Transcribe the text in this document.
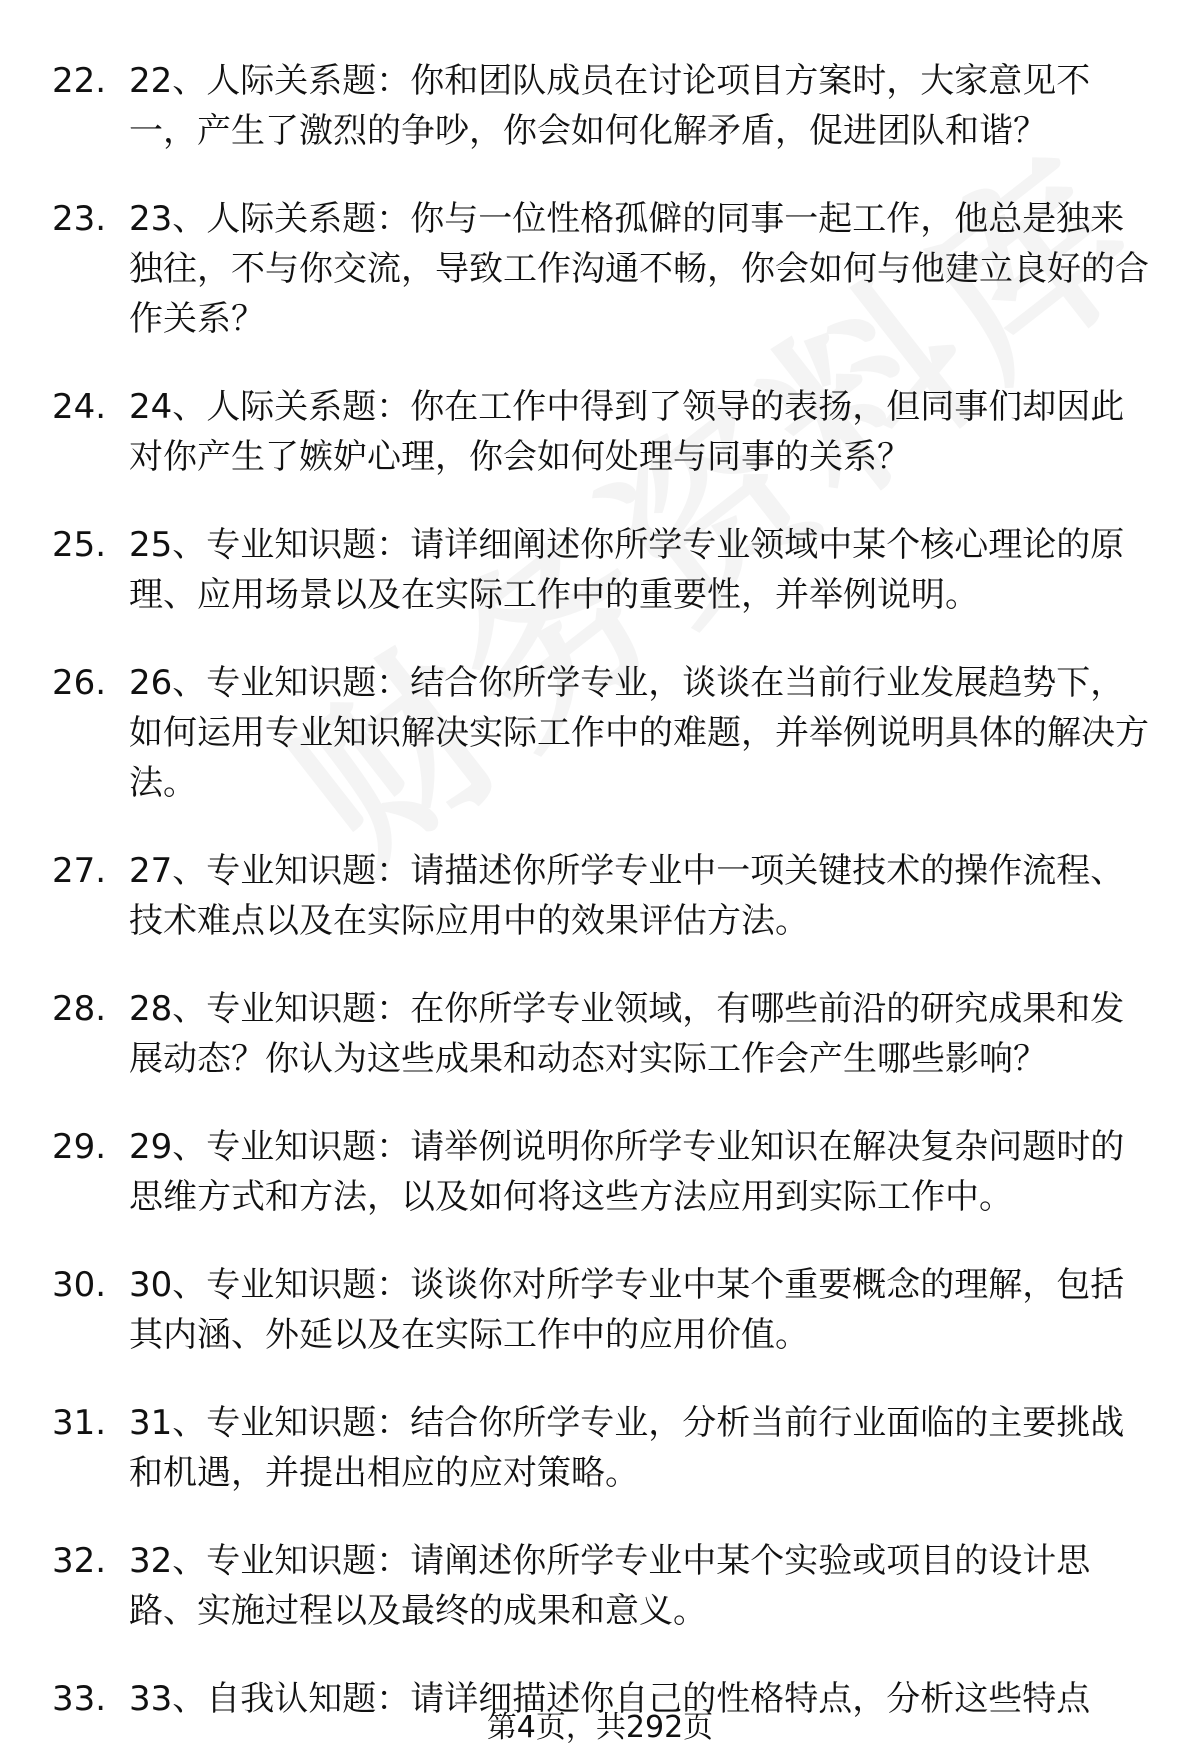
22. 22、人际关系题：你和团队成员在讨论项目方案时，大家意见不一，产生了激烈的争吵，你会如何化解矛盾，促进团队和谐？
23. 23、人际关系题：你与一位性格孤僻的同事一起工作，他总是独来独往，不与你交流，导致工作沟通不畅，你会如何与他建立良好的合作关系？
24. 24、人际关系题：你在工作中得到了领导的表扬，但同事们却因此对你产生了嫉妒心理，你会如何处理与同事的关系？
25. 25、专业知识题：请详细阐述你所学专业领域中某个核心理论的原理、应用场景以及在实际工作中的重要性，并举例说明。
26. 26、专业知识题：结合你所学专业，谈谈在当前行业发展趋势下，如何运用专业知识解决实际工作中的难题，并举例说明具体的解决方法。
27. 27、专业知识题：请描述你所学专业中一项关键技术的操作流程、技术难点以及在实际应用中的效果评估方法。
28. 28、专业知识题：在你所学专业领域，有哪些前沿的研究成果和发展动态？你认为这些成果和动态对实际工作会产生哪些影响？
29. 29、专业知识题：请举例说明你所学专业知识在解决复杂问题时的思维方式和方法，以及如何将这些方法应用到实际工作中。
30. 30、专业知识题：谈谈你对所学专业中某个重要概念的理解，包括其内涵、外延以及在实际工作中的应用价值。
31. 31、专业知识题：结合你所学专业，分析当前行业面临的主要挑战和机遇，并提出相应的应对策略。
32. 32、专业知识题：请阐述你所学专业中某个实验或项目的设计思路、实施过程以及最终的成果和意义。
33. 33、自我认知题：请详细描述你自己的性格特点，分析这些特点
第4页，共292页
